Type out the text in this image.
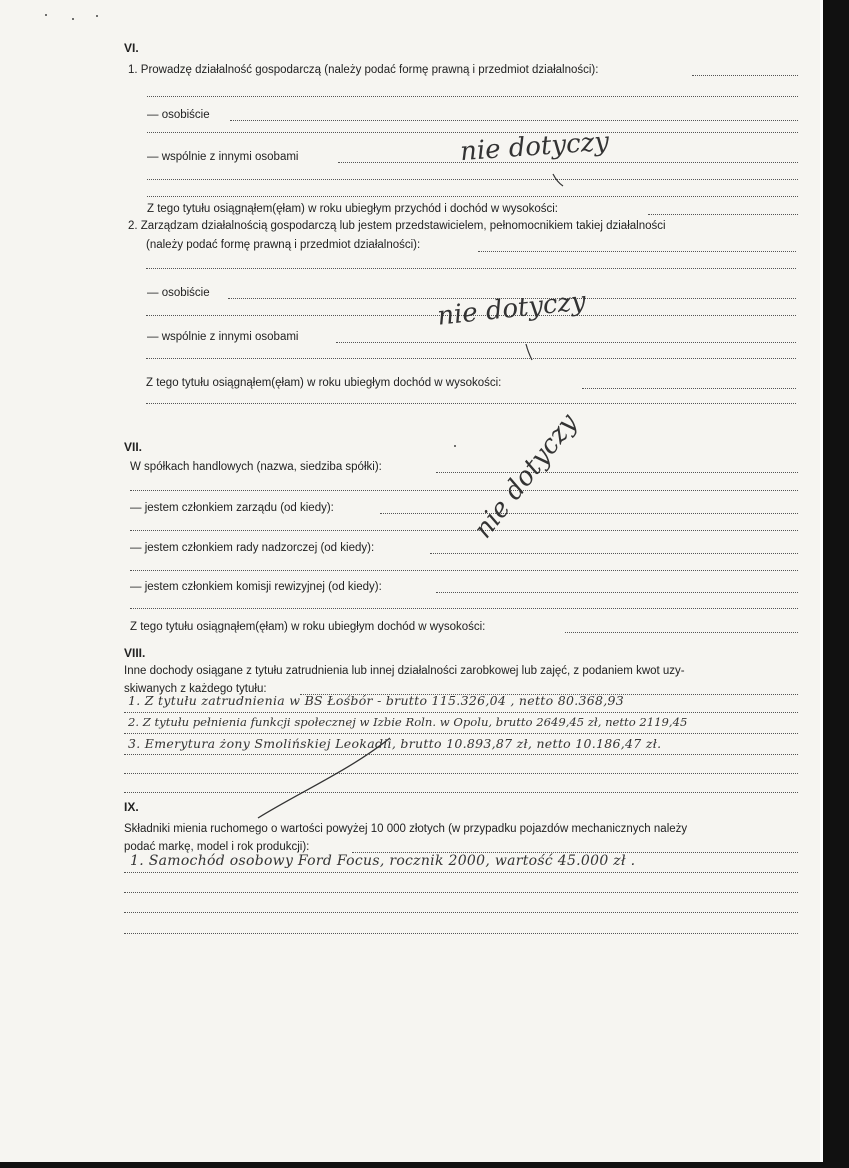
VI.
1. Prowadzę działalność gospodarczą (należy podać formę prawną i przedmiot działalności):
— osobiście
— wspólnie z innymi osobami	nie dotyczy
Z tego tytułu osiągnąłem(ęłam) w roku ubiegłym przychód i dochód w wysokości:
2. Zarządzam działalnością gospodarczą lub jestem przedstawicielem, pełnomocnikiem takiej działalności
(należy podać formę prawną i przedmiot działalności):
— osobiście
— wspólnie z innymi osobami
nie dotyczy
Z tego tytułu osiągnąłem(ęłam) w roku ubiegłym dochód w wysokości:
VII.
W spółkach handlowych (nazwa, siedziba spółki):
— jestem członkiem zarządu (od kiedy):
— jestem członkiem rady nadzorczej (od kiedy):
— jestem członkiem komisji rewizyjnej (od kiedy):
nie dotyczy
Z tego tytułu osiągnąłem(ęłam) w roku ubiegłym dochód w wysokości:
VIII.
Inne dochody osiągane z tytułu zatrudnienia lub innej działalności zarobkowej lub zajęć, z podaniem kwot uzy-
skiwanych z każdego tytułu:
1. Z tytułu zatrudnienia w BS Łośbór - brutto 115.326,04 , netto 80.368,93
2. Z tytułu pełnienia funkcji społecznej w Izbie Roln. w Opolu, brutto 2649,45 zł, netto 2119,45
3. Emerytura żony Smolińskiej Leokadii, brutto 10.893,87 zł, netto 10.186,47 zł.
IX.
Składniki mienia ruchomego o wartości powyżej 10 000 złotych (w przypadku pojazdów mechanicznych należy
podać markę, model i rok produkcji):
1. Samochód osobowy Ford Focus, rocznik 2000, wartość 45.000 zł .
